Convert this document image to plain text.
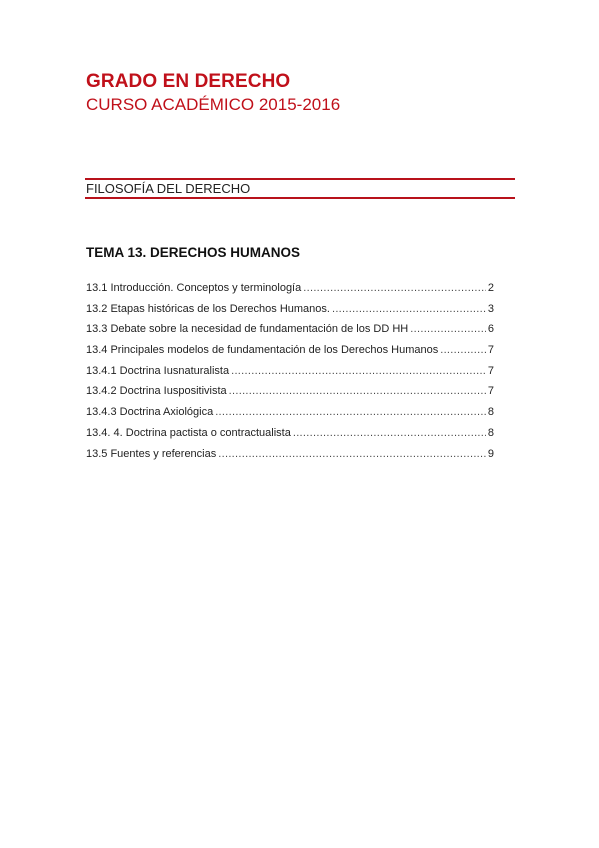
GRADO EN DERECHO
CURSO ACADÉMICO 2015-2016
FILOSOFÍA DEL DERECHO
TEMA 13. DERECHOS HUMANOS
13.1 Introducción. Conceptos y terminología .....	2
13.2 Etapas históricas de los Derechos Humanos. .....	3
13.3 Debate sobre la necesidad de fundamentación de los DD HH .....	6
13.4 Principales modelos de fundamentación de los Derechos Humanos .....	7
13.4.1 Doctrina Iusnaturalista .....	7
13.4.2 Doctrina Iuspositivista .....	7
13.4.3 Doctrina Axiológica .....	8
13.4. 4. Doctrina pactista o contractualista .....	8
13.5 Fuentes y referencias .....	9
